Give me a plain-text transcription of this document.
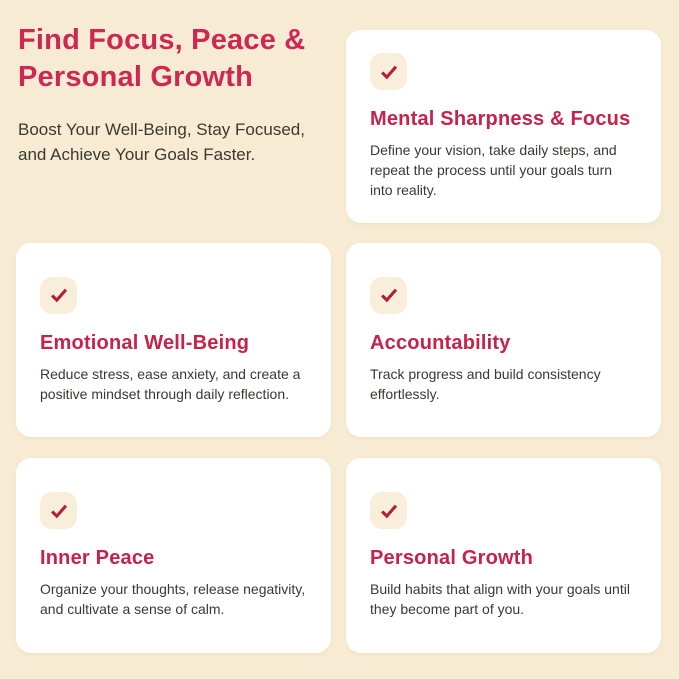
Find Focus, Peace &
Personal Growth

Boost Your Well-Being, Stay Focused, and Achieve Your Goals Faster.

Mental Sharpness & Focus

Define your vision, take daily steps, and repeat the process until your goals turn into reality.

Emotional Well-Being

Reduce stress, ease anxiety, and create a positive mindset through daily reflection.

Accountability

Track progress and build consistency effortlessly.

Inner Peace

Organize your thoughts, release negativity, and cultivate a sense of calm.

Personal Growth

Build habits that align with your goals until they become part of you.
